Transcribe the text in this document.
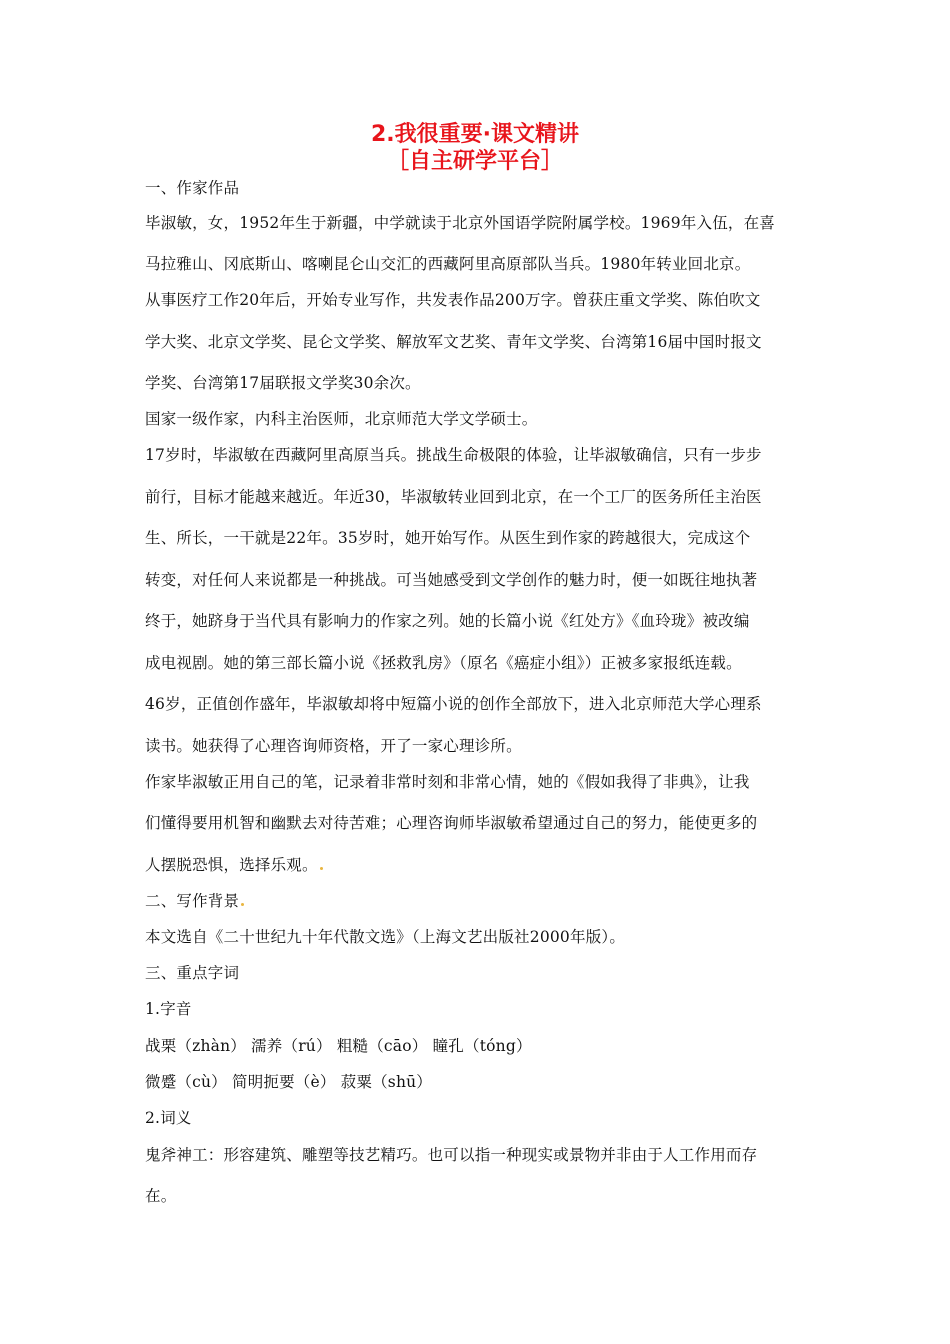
2.我很重要·课文精讲
［自主研学平台］
一、作家作品
毕淑敏，女，1952年生于新疆，中学就读于北京外国语学院附属学校。1969年入伍，在喜
马拉雅山、冈底斯山、喀喇昆仑山交汇的西藏阿里高原部队当兵。1980年转业回北京。
从事医疗工作20年后，开始专业写作，共发表作品200万字。曾获庄重文学奖、陈伯吹文
学大奖、北京文学奖、昆仑文学奖、解放军文艺奖、青年文学奖、台湾第16届中国时报文
学奖、台湾第17届联报文学奖30余次。
国家一级作家，内科主治医师，北京师范大学文学硕士。
17岁时，毕淑敏在西藏阿里高原当兵。挑战生命极限的体验，让毕淑敏确信，只有一步步
前行，目标才能越来越近。年近30，毕淑敏转业回到北京，在一个工厂的医务所任主治医
生、所长，一干就是22年。35岁时，她开始写作。从医生到作家的跨越很大，完成这个
转变，对任何人来说都是一种挑战。可当她感受到文学创作的魅力时，便一如既往地执著
终于，她跻身于当代具有影响力的作家之列。她的长篇小说《红处方》《血玲珑》被改编
成电视剧。她的第三部长篇小说《拯救乳房》（原名《癌症小组》）正被多家报纸连载。
46岁，正值创作盛年，毕淑敏却将中短篇小说的创作全部放下，进入北京师范大学心理系
读书。她获得了心理咨询师资格，开了一家心理诊所。
作家毕淑敏正用自己的笔，记录着非常时刻和非常心情，她的《假如我得了非典》，让我
们懂得要用机智和幽默去对待苦难；心理咨询师毕淑敏希望通过自己的努力，能使更多的
人摆脱恐惧，选择乐观。
二、写作背景
本文选自《二十世纪九十年代散文选》（上海文艺出版社2000年版）。
三、重点字词
1.字音
战栗（zhàn） 濡养（rú） 粗糙（cāo） 瞳孔（tóng）
微蹙（cù） 简明扼要（è） 菽粟（shū）
2.词义
鬼斧神工：形容建筑、雕塑等技艺精巧。也可以指一种现实或景物并非由于人工作用而存
在。
